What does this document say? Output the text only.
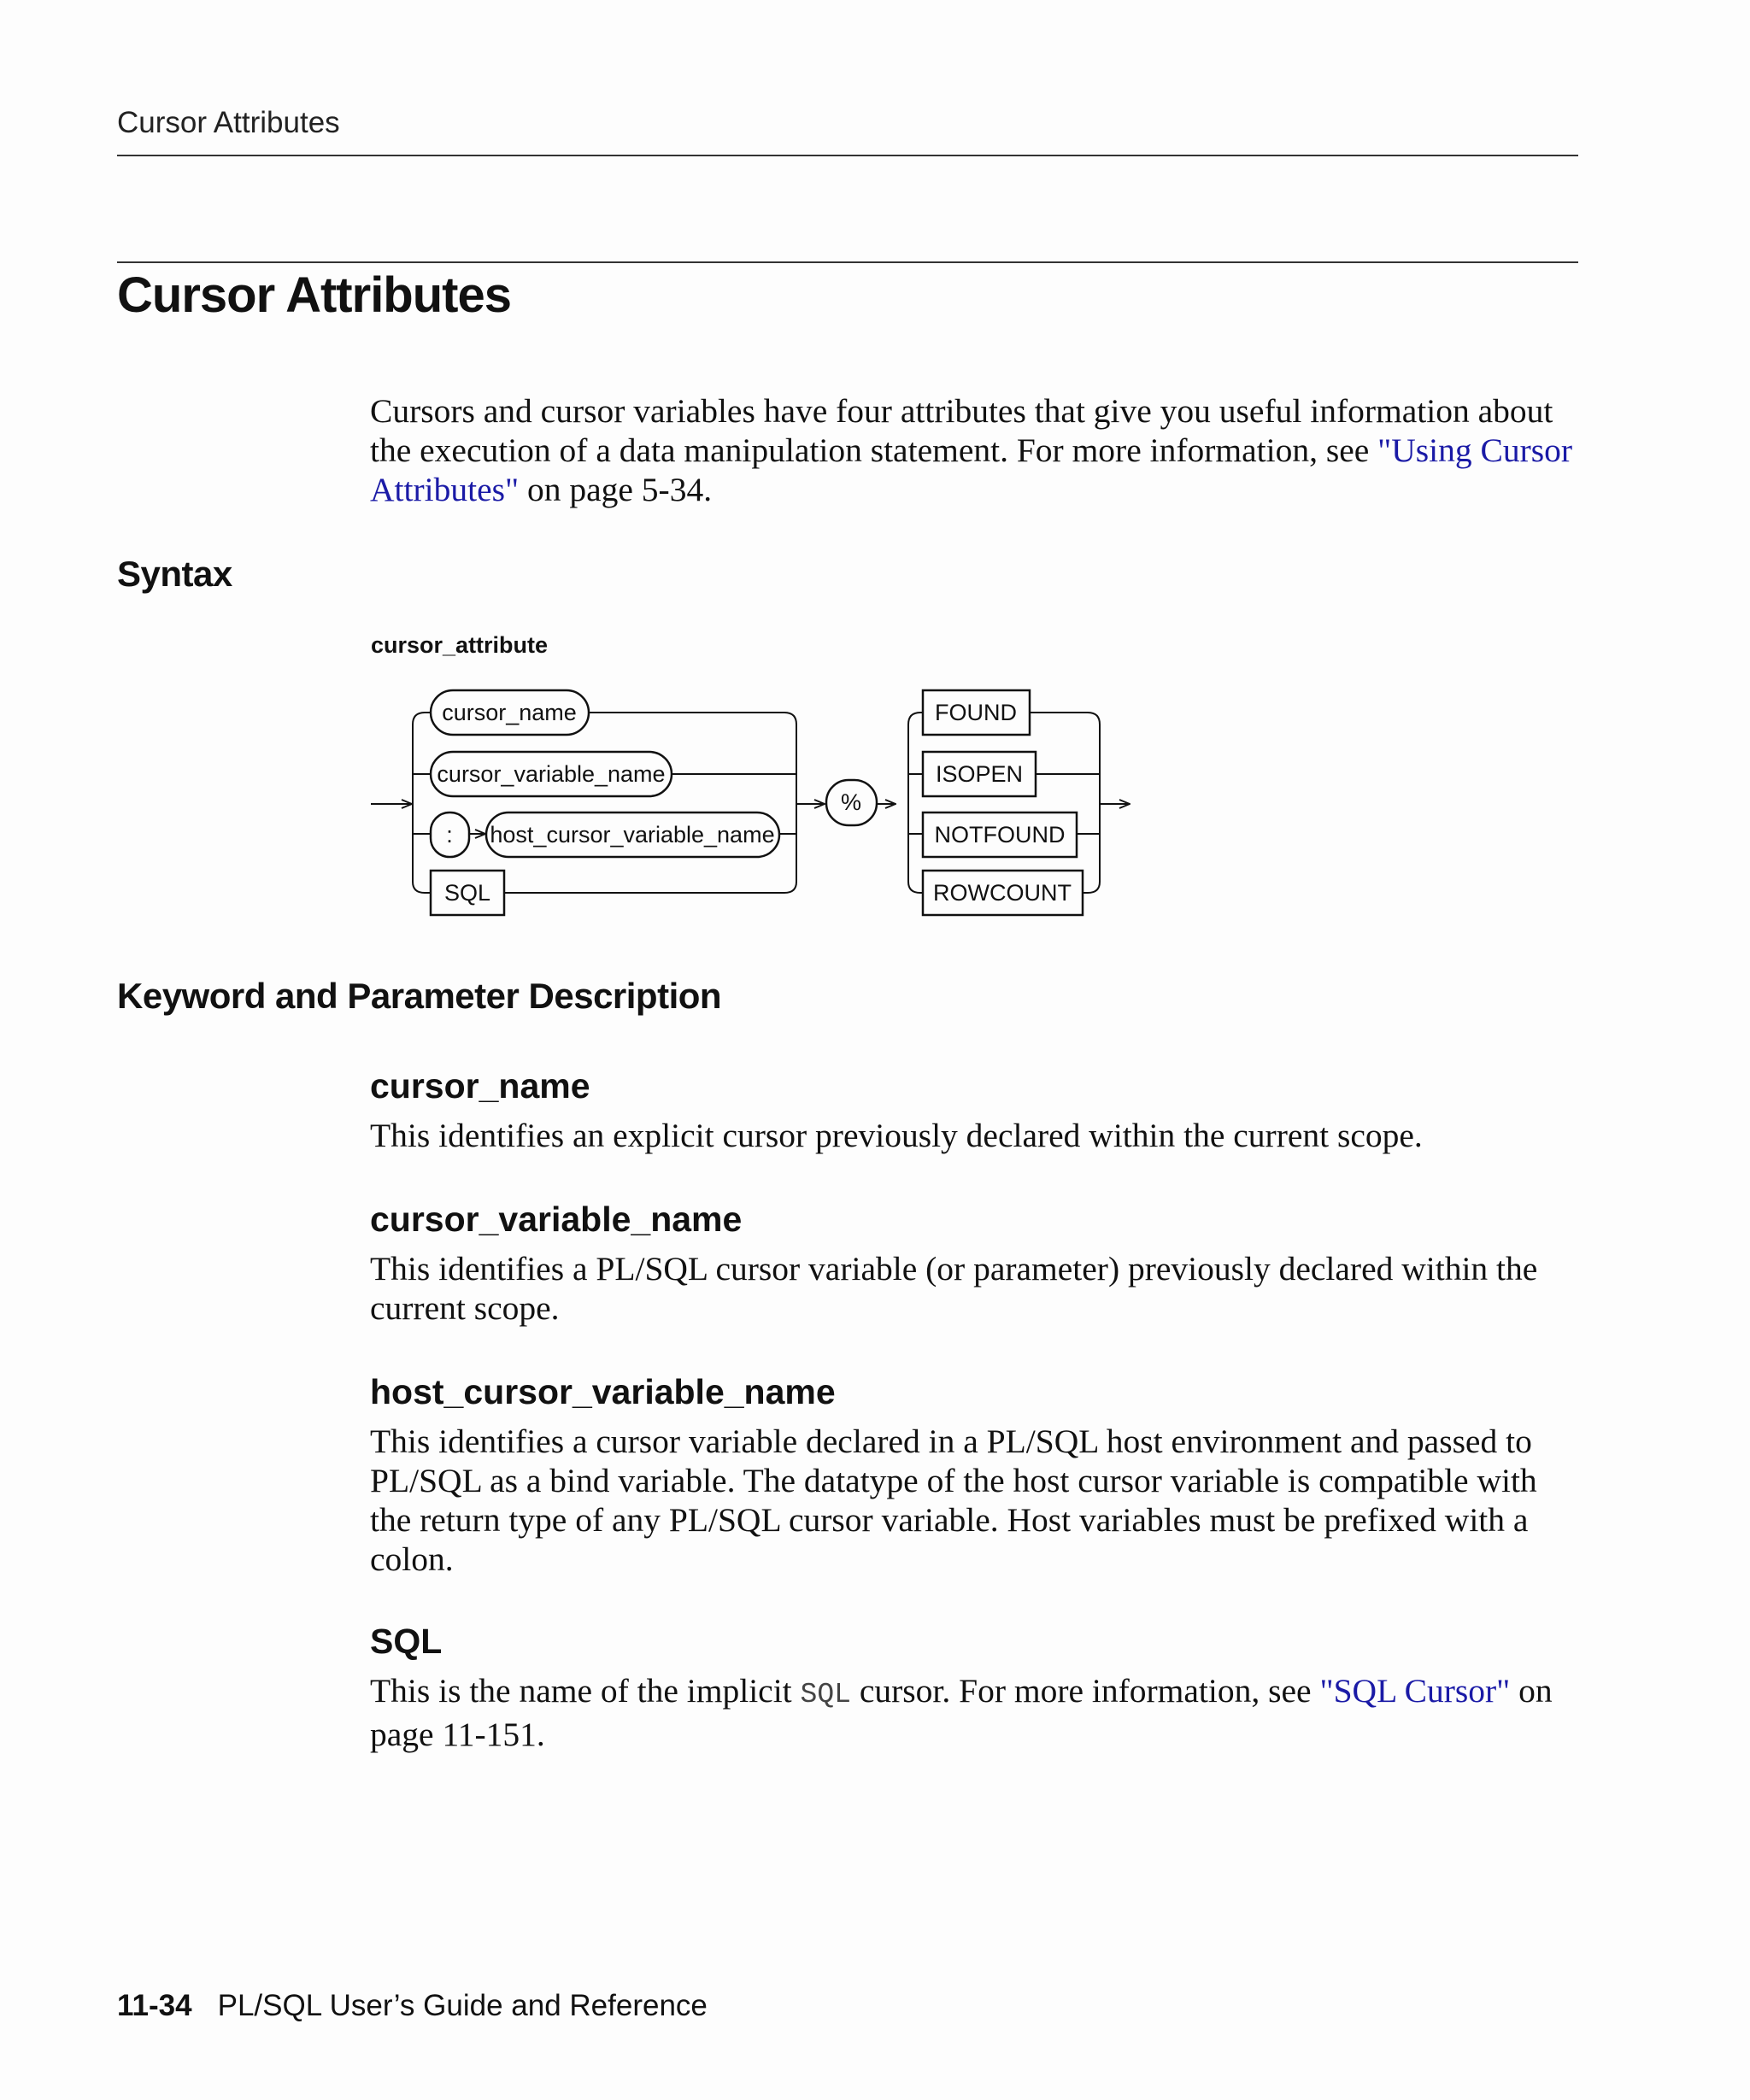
Cursor Attributes
Cursor Attributes
Cursors and cursor variables have four attributes that give you useful information about the execution of a data manipulation statement. For more information, see "Using Cursor Attributes" on page 5-34.
Syntax
cursor_attribute
cursor_name
cursor_variable_name
: host_cursor_variable_name
SQL
%
FOUND
ISOPEN
NOTFOUND
ROWCOUNT
Keyword and Parameter Description
cursor_name
This identifies an explicit cursor previously declared within the current scope.
cursor_variable_name
This identifies a PL/SQL cursor variable (or parameter) previously declared within the current scope.
host_cursor_variable_name
This identifies a cursor variable declared in a PL/SQL host environment and passed to PL/SQL as a bind variable. The datatype of the host cursor variable is compatible with the return type of any PL/SQL cursor variable. Host variables must be prefixed with a colon.
SQL
This is the name of the implicit SQL cursor. For more information, see "SQL Cursor" on page 11-151.
11-34 PL/SQL User’s Guide and Reference
